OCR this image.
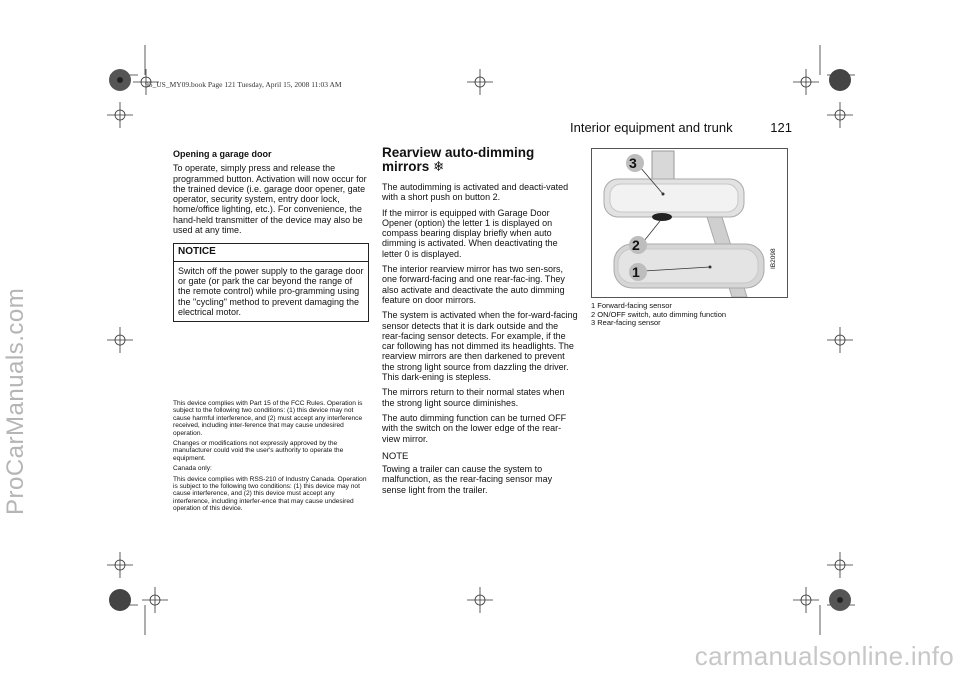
ProCarManuals.com
95_US_MY09.book Page 121 Tuesday, April 15, 2008 11:03 AM
Interior equipment and trunk	121
Opening a garage door

To operate, simply press and release the programmed button. Activation will now occur for the trained device (i.e. garage door opener, gate operator, security system, entry door lock, home/office lighting, etc.). For convenience, the hand-held transmitter of the device may also be used at any time.

NOTICE
Switch off the power supply to the garage door or gate (or park the car beyond the range of the remote control) while pro-gramming using the "cycling" method to prevent damaging the electrical motor.

This device complies with Part 15 of the FCC Rules. Operation is subject to the following two conditions: (1) this device may not cause harmful interference, and (2) must accept any interference received, including inter-ference that may cause undesired operation.

Changes or modifications not expressly approved by the manufacturer could void the user's authority to operate the equipment.

Canada only:

This device complies with RSS-210 of Industry Canada. Operation is subject to the following two conditions: (1) this device may not cause interference, and (2) this device must accept any interference, including interfer-ence that may cause undesired operation of this device.

Rearview auto-dimming mirrors ❄

The autodimming is activated and deacti-vated with a short push on button 2.

If the mirror is equipped with Garage Door Opener (option) the letter 1 is displayed on compass bearing display briefly when auto dimming is activated. When deactivating the letter 0 is displayed.

The interior rearview mirror has two sen-sors, one forward-facing and one rear-fac-ing. They also activate and deactivate the auto dimming feature on door mirrors.

The system is activated when the for-ward-facing sensor detects that it is dark outside and the rear-facing sensor detects. For example, if the car following has not dimmed its headlights. The rearview mirrors are then darkened to prevent the strong light source from dazzling the driver. This dark-ening is stepless.

The mirrors return to their normal states when the strong light source diminishes.

The auto dimming function can be turned OFF with the switch on the lower edge of the rear-view mirror.

NOTE

Towing a trailer can cause the system to malfunction, as the rear-facing sensor may sense light from the trailer.

3
2
1
IB2098
1 Forward-facing sensor
2 ON/OFF switch, auto dimming function
3 Rear-facing sensor
carmanualsonline.info
